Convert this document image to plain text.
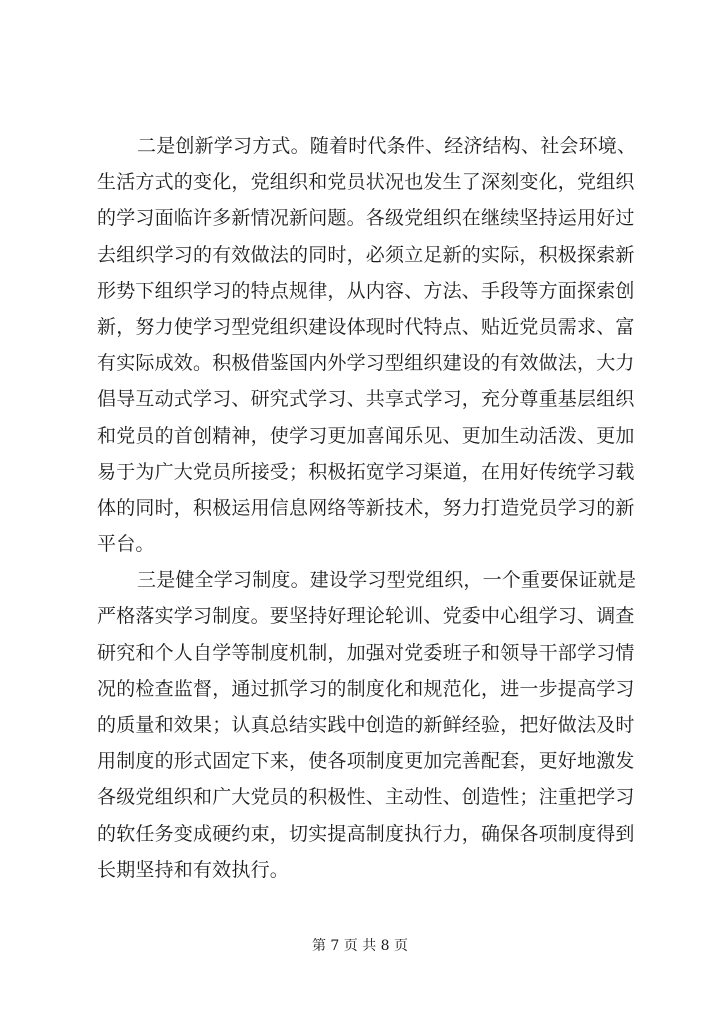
二是创新学习方式。随着时代条件、经济结构、社会环境、
生活方式的变化，党组织和党员状况也发生了深刻变化，党组织
的学习面临许多新情况新问题。各级党组织在继续坚持运用好过
去组织学习的有效做法的同时，必须立足新的实际，积极探索新
形势下组织学习的特点规律，从内容、方法、手段等方面探索创
新，努力使学习型党组织建设体现时代特点、贴近党员需求、富
有实际成效。积极借鉴国内外学习型组织建设的有效做法，大力
倡导互动式学习、研究式学习、共享式学习，充分尊重基层组织
和党员的首创精神，使学习更加喜闻乐见、更加生动活泼、更加
易于为广大党员所接受；积极拓宽学习渠道，在用好传统学习载
体的同时，积极运用信息网络等新技术，努力打造党员学习的新
平台。
三是健全学习制度。建设学习型党组织，一个重要保证就是
严格落实学习制度。要坚持好理论轮训、党委中心组学习、调查
研究和个人自学等制度机制，加强对党委班子和领导干部学习情
况的检查监督，通过抓学习的制度化和规范化，进一步提高学习
的质量和效果；认真总结实践中创造的新鲜经验，把好做法及时
用制度的形式固定下来，使各项制度更加完善配套，更好地激发
各级党组织和广大党员的积极性、主动性、创造性；注重把学习
的软任务变成硬约束，切实提高制度执行力，确保各项制度得到
长期坚持和有效执行。
第 7 页 共 8 页
